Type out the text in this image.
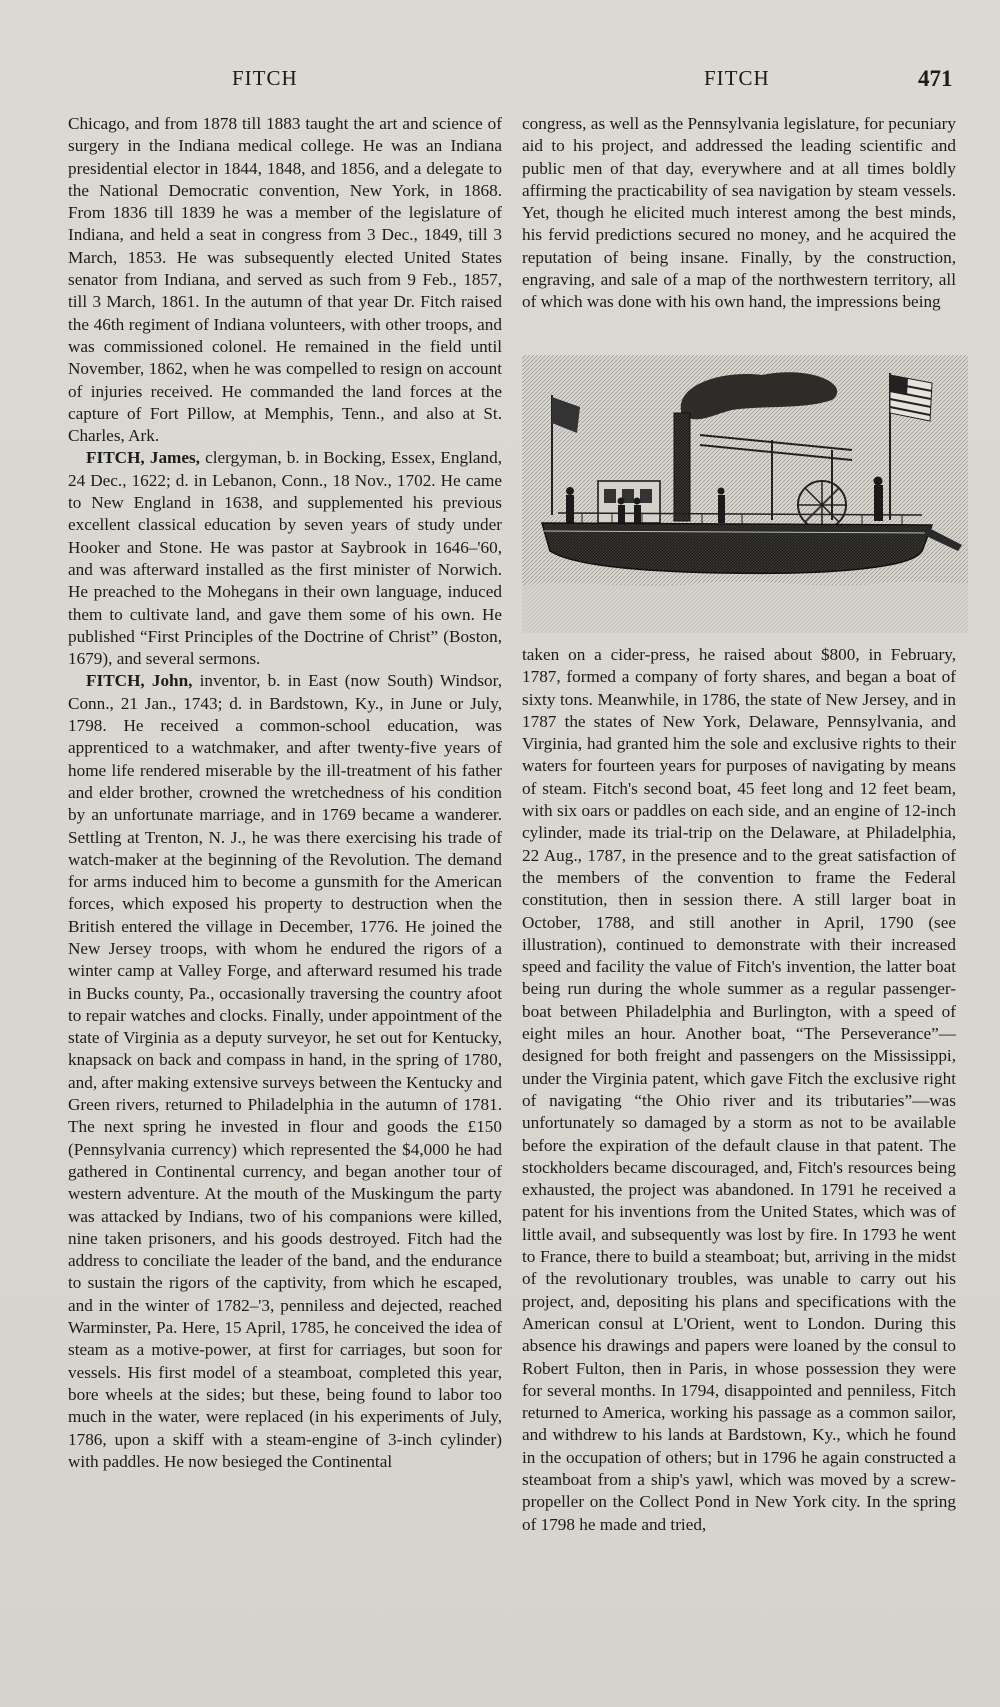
FITCH	FITCH	471

Chicago, and from 1878 till 1883 taught the art and science of surgery in the Indiana medical college. He was an Indiana presidential elector in 1844, 1848, and 1856, and a delegate to the National Democratic convention, New York, in 1868. From 1836 till 1839 he was a member of the legislature of Indiana, and held a seat in congress from 3 Dec., 1849, till 3 March, 1853. He was subsequently elected United States senator from Indiana, and served as such from 9 Feb., 1857, till 3 March, 1861. In the autumn of that year Dr. Fitch raised the 46th regiment of Indiana volunteers, with other troops, and was commissioned colonel. He remained in the field until November, 1862, when he was compelled to resign on account of injuries received. He commanded the land forces at the capture of Fort Pillow, at Memphis, Tenn., and also at St. Charles, Ark.

FITCH, James, clergyman, b. in Bocking, Essex, England, 24 Dec., 1622; d. in Lebanon, Conn., 18 Nov., 1702. He came to New England in 1638, and supplemented his previous excellent classical education by seven years of study under Hooker and Stone. He was pastor at Saybrook in 1646–'60, and was afterward installed as the first minister of Norwich. He preached to the Mohegans in their own language, induced them to cultivate land, and gave them some of his own. He published “First Principles of the Doctrine of Christ” (Boston, 1679), and several sermons.

FITCH, John, inventor, b. in East (now South) Windsor, Conn., 21 Jan., 1743; d. in Bardstown, Ky., in June or July, 1798. He received a common-school education, was apprenticed to a watchmaker, and after twenty-five years of home life rendered miserable by the ill-treatment of his father and elder brother, crowned the wretchedness of his condition by an unfortunate marriage, and in 1769 became a wanderer. Settling at Trenton, N. J., he was there exercising his trade of watch-maker at the beginning of the Revolution. The demand for arms induced him to become a gunsmith for the American forces, which exposed his property to destruction when the British entered the village in December, 1776. He joined the New Jersey troops, with whom he endured the rigors of a winter camp at Valley Forge, and afterward resumed his trade in Bucks county, Pa., occasionally traversing the country afoot to repair watches and clocks. Finally, under appointment of the state of Virginia as a deputy surveyor, he set out for Kentucky, knapsack on back and compass in hand, in the spring of 1780, and, after making extensive surveys between the Kentucky and Green rivers, returned to Philadelphia in the autumn of 1781. The next spring he invested in flour and goods the £150 (Pennsylvania currency) which represented the $4,000 he had gathered in Continental currency, and began another tour of western adventure. At the mouth of the Muskingum the party was attacked by Indians, two of his companions were killed, nine taken prisoners, and his goods destroyed. Fitch had the address to conciliate the leader of the band, and the endurance to sustain the rigors of the captivity, from which he escaped, and in the winter of 1782–'3, penniless and dejected, reached Warminster, Pa. Here, 15 April, 1785, he conceived the idea of steam as a motive-power, at first for carriages, but soon for vessels. His first model of a steamboat, completed this year, bore wheels at the sides; but these, being found to labor too much in the water, were replaced (in his experiments of July, 1786, upon a skiff with a steam-engine of 3-inch cylinder) with paddles. He now besieged the Continental

congress, as well as the Pennsylvania legislature, for pecuniary aid to his project, and addressed the leading scientific and public men of that day, everywhere and at all times boldly affirming the practicability of sea navigation by steam vessels. Yet, though he elicited much interest among the best minds, his fervid predictions secured no money, and he acquired the reputation of being insane. Finally, by the construction, engraving, and sale of a map of the northwestern territory, all of which was done with his own hand, the impressions being

taken on a cider-press, he raised about $800, in February, 1787, formed a company of forty shares, and began a boat of sixty tons. Meanwhile, in 1786, the state of New Jersey, and in 1787 the states of New York, Delaware, Pennsylvania, and Virginia, had granted him the sole and exclusive rights to their waters for fourteen years for purposes of navigating by means of steam. Fitch's second boat, 45 feet long and 12 feet beam, with six oars or paddles on each side, and an engine of 12-inch cylinder, made its trial-trip on the Delaware, at Philadelphia, 22 Aug., 1787, in the presence and to the great satisfaction of the members of the convention to frame the Federal constitution, then in session there. A still larger boat in October, 1788, and still another in April, 1790 (see illustration), continued to demonstrate with their increased speed and facility the value of Fitch's invention, the latter boat being run during the whole summer as a regular passenger-boat between Philadelphia and Burlington, with a speed of eight miles an hour. Another boat, “The Perseverance”—designed for both freight and passengers on the Mississippi, under the Virginia patent, which gave Fitch the exclusive right of navigating “the Ohio river and its tributaries”—was unfortunately so damaged by a storm as not to be available before the expiration of the default clause in that patent. The stockholders became discouraged, and, Fitch's resources being exhausted, the project was abandoned. In 1791 he received a patent for his inventions from the United States, which was of little avail, and subsequently was lost by fire. In 1793 he went to France, there to build a steamboat; but, arriving in the midst of the revolutionary troubles, was unable to carry out his project, and, depositing his plans and specifications with the American consul at L'Orient, went to London. During this absence his drawings and papers were loaned by the consul to Robert Fulton, then in Paris, in whose possession they were for several months. In 1794, disappointed and penniless, Fitch returned to America, working his passage as a common sailor, and withdrew to his lands at Bardstown, Ky., which he found in the occupation of others; but in 1796 he again constructed a steamboat from a ship's yawl, which was moved by a screw-propeller on the Collect Pond in New York city. In the spring of 1798 he made and tried,
